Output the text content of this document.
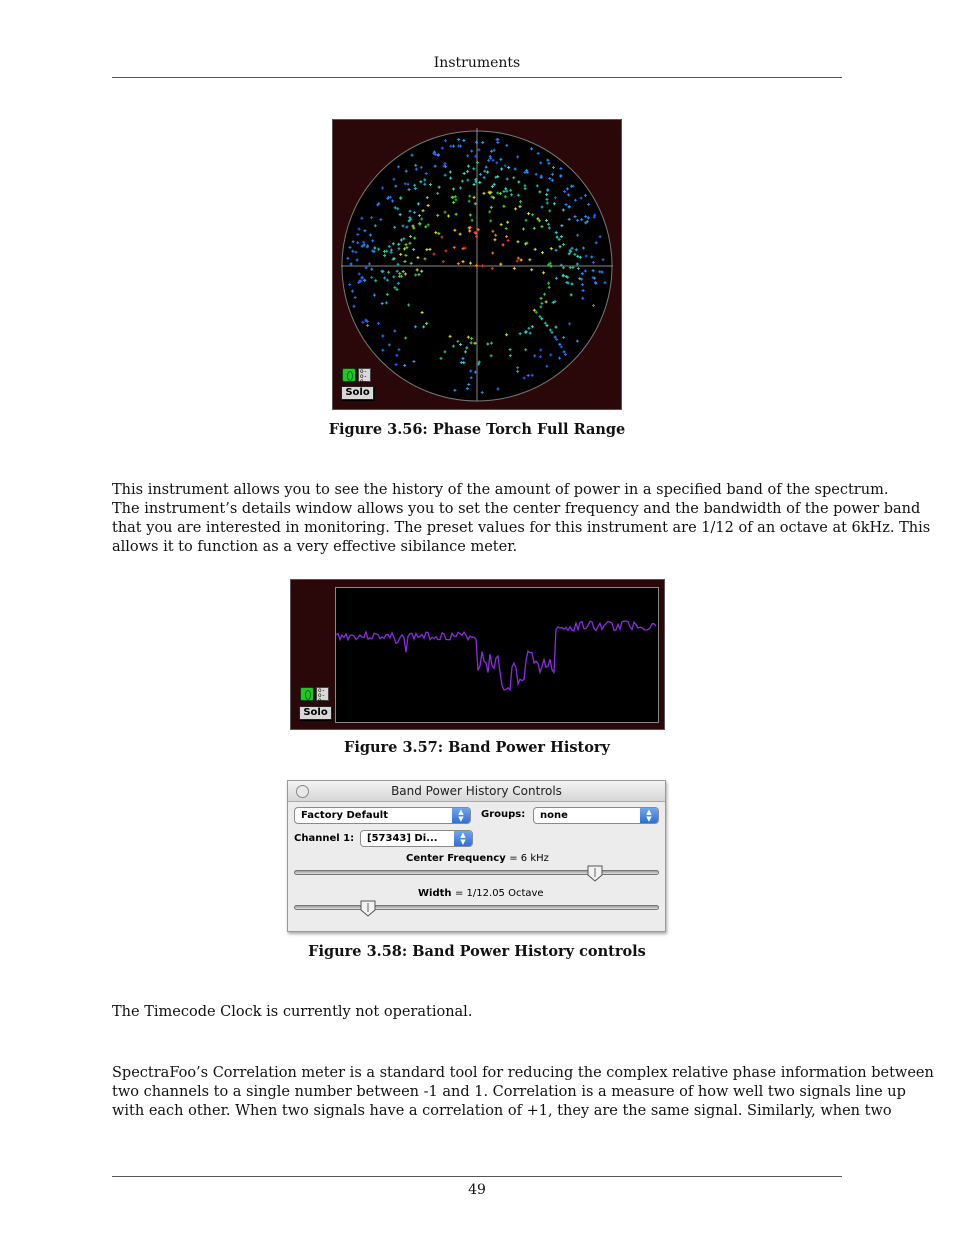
Instruments
o-
o-
o-
Solo
Figure 3.56: Phase Torch Full Range
This instrument allows you to see the history of the amount of power in a specified band of the spectrum.
The instrument’s details window allows you to set the center frequency and the bandwidth of the power band
that you are interested in monitoring. The preset values for this instrument are 1/12 of an octave at 6kHz. This
allows it to function as a very effective sibilance meter.
o-
o-
o-
Solo
Figure 3.57: Band Power History
Band Power History Controls
Factory Default	▲
▼	Groups:	none	▲
▼
Channel 1:	[57343] Di...	▲
▼
Center Frequency = 6 kHz
Width = 1/12.05 Octave
Figure 3.58: Band Power History controls
The Timecode Clock is currently not operational.
SpectraFoo’s Correlation meter is a standard tool for reducing the complex relative phase information between
two channels to a single number between -1 and 1. Correlation is a measure of how well two signals line up
with each other. When two signals have a correlation of +1, they are the same signal. Similarly, when two
49
